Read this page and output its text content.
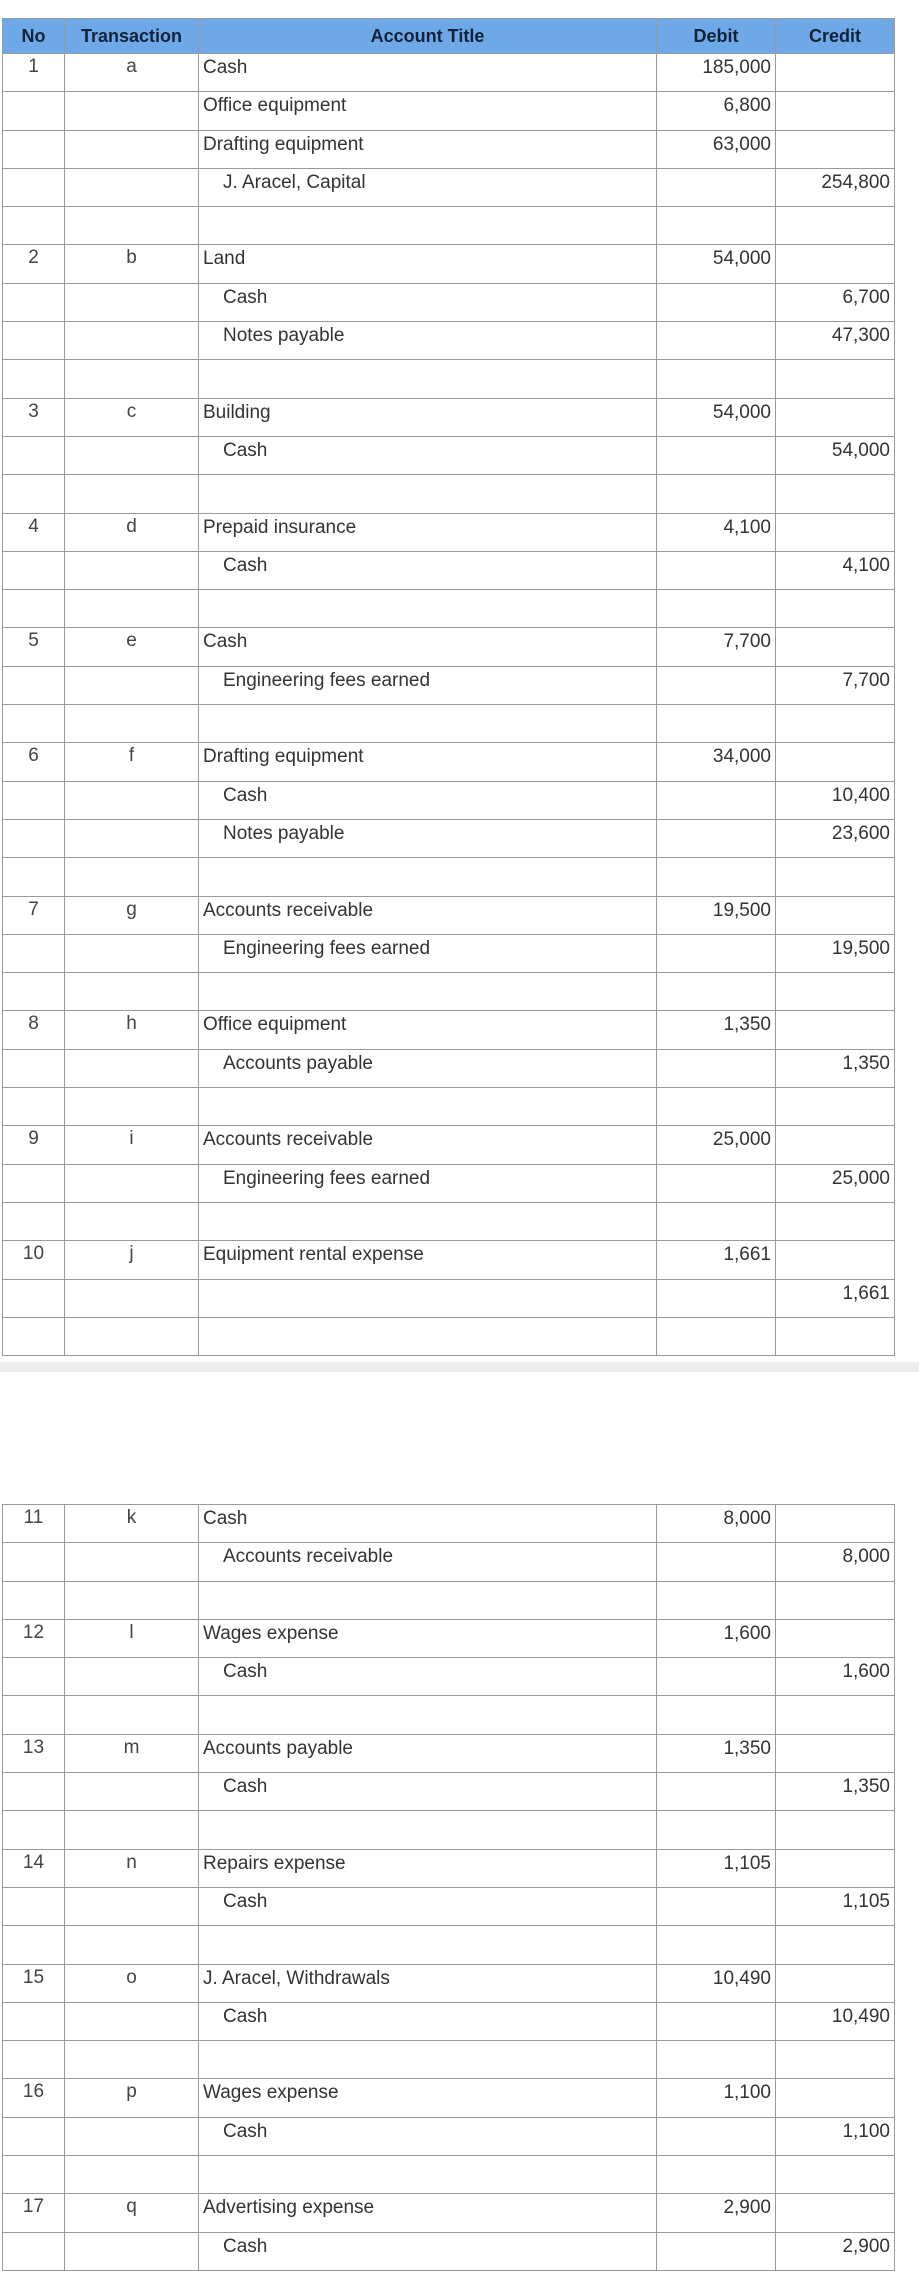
No	Transaction	Account Title	Debit	Credit
1	a	Cash	185,000	
		Office equipment	6,800	
		Drafting equipment	63,000	
		J. Aracel, Capital		254,800

2	b	Land	54,000	
		Cash		6,700
		Notes payable		47,300

3	c	Building	54,000	
		Cash		54,000

4	d	Prepaid insurance	4,100	
		Cash		4,100

5	e	Cash	7,700	
		Engineering fees earned		7,700

6	f	Drafting equipment	34,000	
		Cash		10,400
		Notes payable		23,600

7	g	Accounts receivable	19,500	
		Engineering fees earned		19,500

8	h	Office equipment	1,350	
		Accounts payable		1,350

9	i	Accounts receivable	25,000	
		Engineering fees earned		25,000

10	j	Equipment rental expense	1,661	
				1,661

11	k	Cash	8,000	
		Accounts receivable		8,000

12	l	Wages expense	1,600	
		Cash		1,600

13	m	Accounts payable	1,350	
		Cash		1,350

14	n	Repairs expense	1,105	
		Cash		1,105

15	o	J. Aracel, Withdrawals	10,490	
		Cash		10,490

16	p	Wages expense	1,100	
		Cash		1,100

17	q	Advertising expense	2,900	
		Cash		2,900
